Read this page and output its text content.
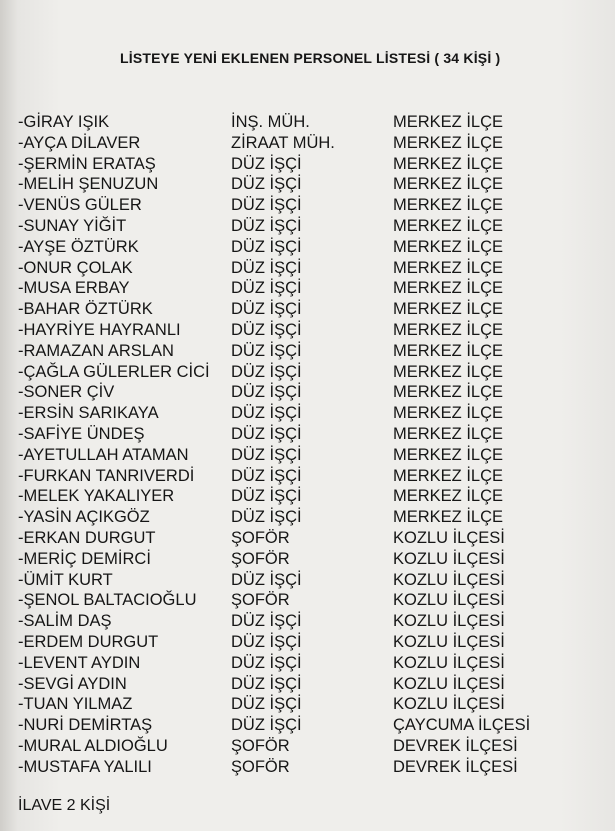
LİSTEYE YENİ EKLENEN PERSONEL LİSTESİ ( 34 KİŞİ )
-GİRAY IŞIK	İNŞ. MÜH.	MERKEZ İLÇE
-AYÇA DİLAVER	ZİRAAT MÜH.	MERKEZ İLÇE
-ŞERMİN ERATAŞ	DÜZ İŞÇİ	MERKEZ İLÇE
-MELİH ŞENUZUN	DÜZ İŞÇİ	MERKEZ İLÇE
-VENÜS GÜLER	DÜZ İŞÇİ	MERKEZ İLÇE
-SUNAY YİĞİT	DÜZ İŞÇİ	MERKEZ İLÇE
-AYŞE ÖZTÜRK	DÜZ İŞÇİ	MERKEZ İLÇE
-ONUR ÇOLAK	DÜZ İŞÇİ	MERKEZ İLÇE
-MUSA ERBAY	DÜZ İŞÇİ	MERKEZ İLÇE
-BAHAR ÖZTÜRK	DÜZ İŞÇİ	MERKEZ İLÇE
-HAYRİYE HAYRANLI	DÜZ İŞÇİ	MERKEZ İLÇE
-RAMAZAN ARSLAN	DÜZ İŞÇİ	MERKEZ İLÇE
-ÇAĞLA GÜLERLER CİCİ DÜZ İŞÇİ	MERKEZ İLÇE
-SONER ÇİV	DÜZ İŞÇİ	MERKEZ İLÇE
-ERSİN SARIKAYA	DÜZ İŞÇİ	MERKEZ İLÇE
-SAFİYE ÜNDEŞ	DÜZ İŞÇİ	MERKEZ İLÇE
-AYETULLAH ATAMAN	DÜZ İŞÇİ	MERKEZ İLÇE
-FURKAN TANRIVERDİ DÜZ İŞÇİ	MERKEZ İLÇE
-MELEK YAKALIYER	DÜZ İŞÇİ	MERKEZ İLÇE
-YASİN AÇIKGÖZ	DÜZ İŞÇİ	MERKEZ İLÇE
-ERKAN DURGUT	ŞOFÖR	KOZLU İLÇESİ
-MERİÇ DEMİRCİ	ŞOFÖR	KOZLU İLÇESİ
-ÜMİT KURT	DÜZ İŞÇİ	KOZLU İLÇESİ
-ŞENOL BALTACIOĞLU ŞOFÖR	KOZLU İLÇESİ
-SALİM DAŞ	DÜZ İŞÇİ	KOZLU İLÇESİ
-ERDEM DURGUT	DÜZ İŞÇİ	KOZLU İLÇESİ
-LEVENT AYDIN	DÜZ İŞÇİ	KOZLU İLÇESİ
-SEVGİ AYDIN	DÜZ İŞÇİ	KOZLU İLÇESİ
-TUAN YILMAZ	DÜZ İŞÇİ	KOZLU İLÇESİ
-NURİ DEMİRTAŞ	DÜZ İŞÇİ	ÇAYCUMA İLÇESİ
-MURAL ALDIOĞLU	ŞOFÖR	DEVREK İLÇESİ
-MUSTAFA YALILI	ŞOFÖR	DEVREK İLÇESİ
İLAVE 2 KİŞİ
